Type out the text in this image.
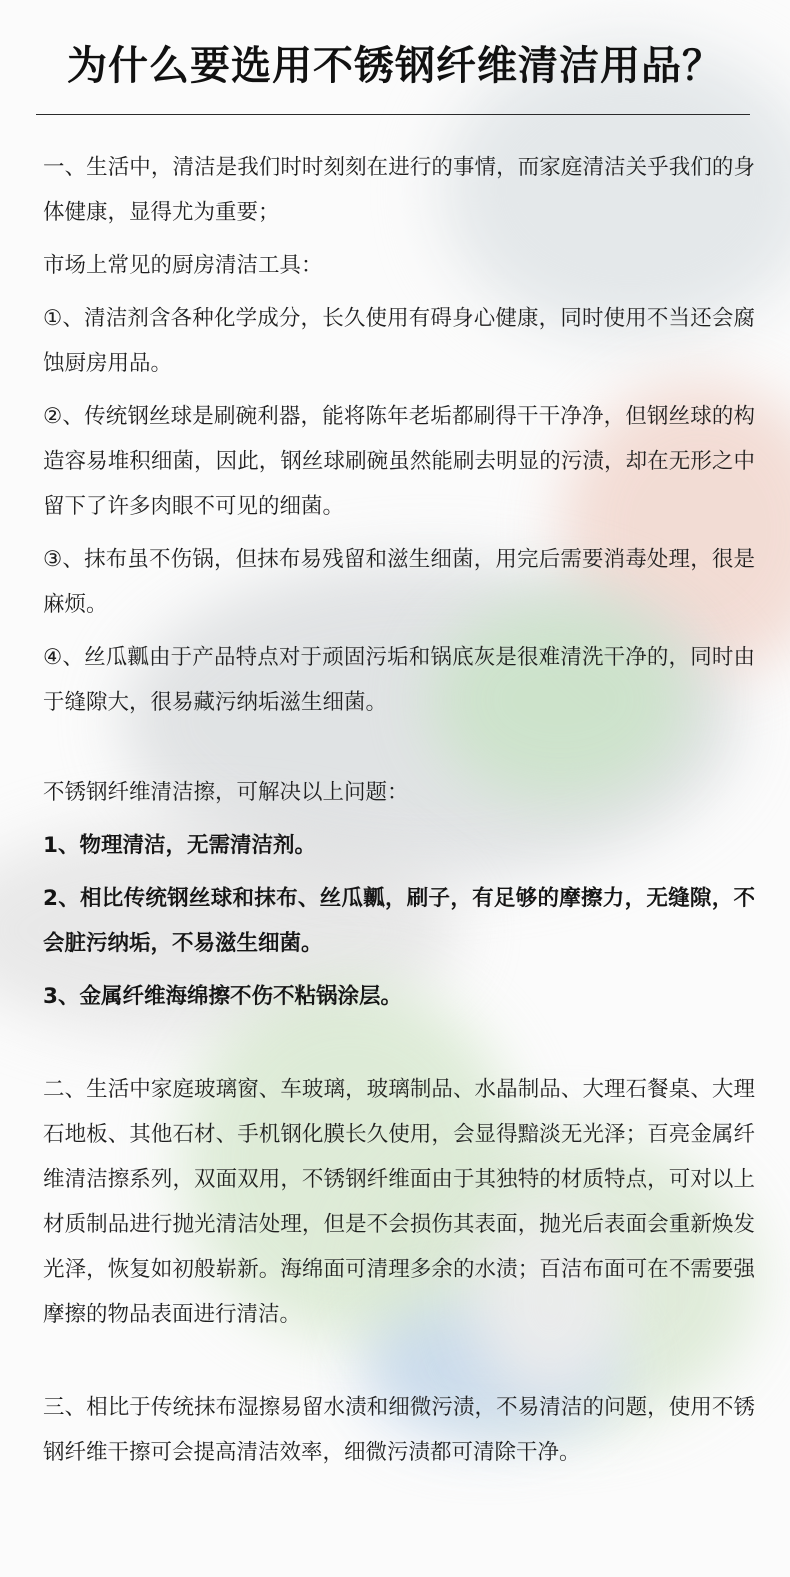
为什么要选用不锈钢纤维清洁用品？

一、生活中，清洁是我们时时刻刻在进行的事情，而家庭清洁关乎我们的身体健康，显得尤为重要；

市场上常见的厨房清洁工具：

①、清洁剂含各种化学成分，长久使用有碍身心健康，同时使用不当还会腐蚀厨房用品。

②、传统钢丝球是刷碗利器，能将陈年老垢都刷得干干净净，但钢丝球的构造容易堆积细菌，因此，钢丝球刷碗虽然能刷去明显的污渍，却在无形之中留下了许多肉眼不可见的细菌。

③、抹布虽不伤锅，但抹布易残留和滋生细菌，用完后需要消毒处理，很是麻烦。

④、丝瓜瓤由于产品特点对于顽固污垢和锅底灰是很难清洗干净的，同时由于缝隙大，很易藏污纳垢滋生细菌。

不锈钢纤维清洁擦，可解决以上问题：

1、物理清洁，无需清洁剂。

2、相比传统钢丝球和抹布、丝瓜瓤，刷子，有足够的摩擦力，无缝隙，不会脏污纳垢，不易滋生细菌。

3、金属纤维海绵擦不伤不粘锅涂层。

二、生活中家庭玻璃窗、车玻璃，玻璃制品、水晶制品、大理石餐桌、大理石地板、其他石材、手机钢化膜长久使用，会显得黯淡无光泽；百亮金属纤维清洁擦系列，双面双用，不锈钢纤维面由于其独特的材质特点，可对以上材质制品进行抛光清洁处理，但是不会损伤其表面，抛光后表面会重新焕发光泽，恢复如初般崭新。海绵面可清理多余的水渍；百洁布面可在不需要强摩擦的物品表面进行清洁。

三、相比于传统抹布湿擦易留水渍和细微污渍，不易清洁的问题，使用不锈钢纤维干擦可会提高清洁效率，细微污渍都可清除干净。
